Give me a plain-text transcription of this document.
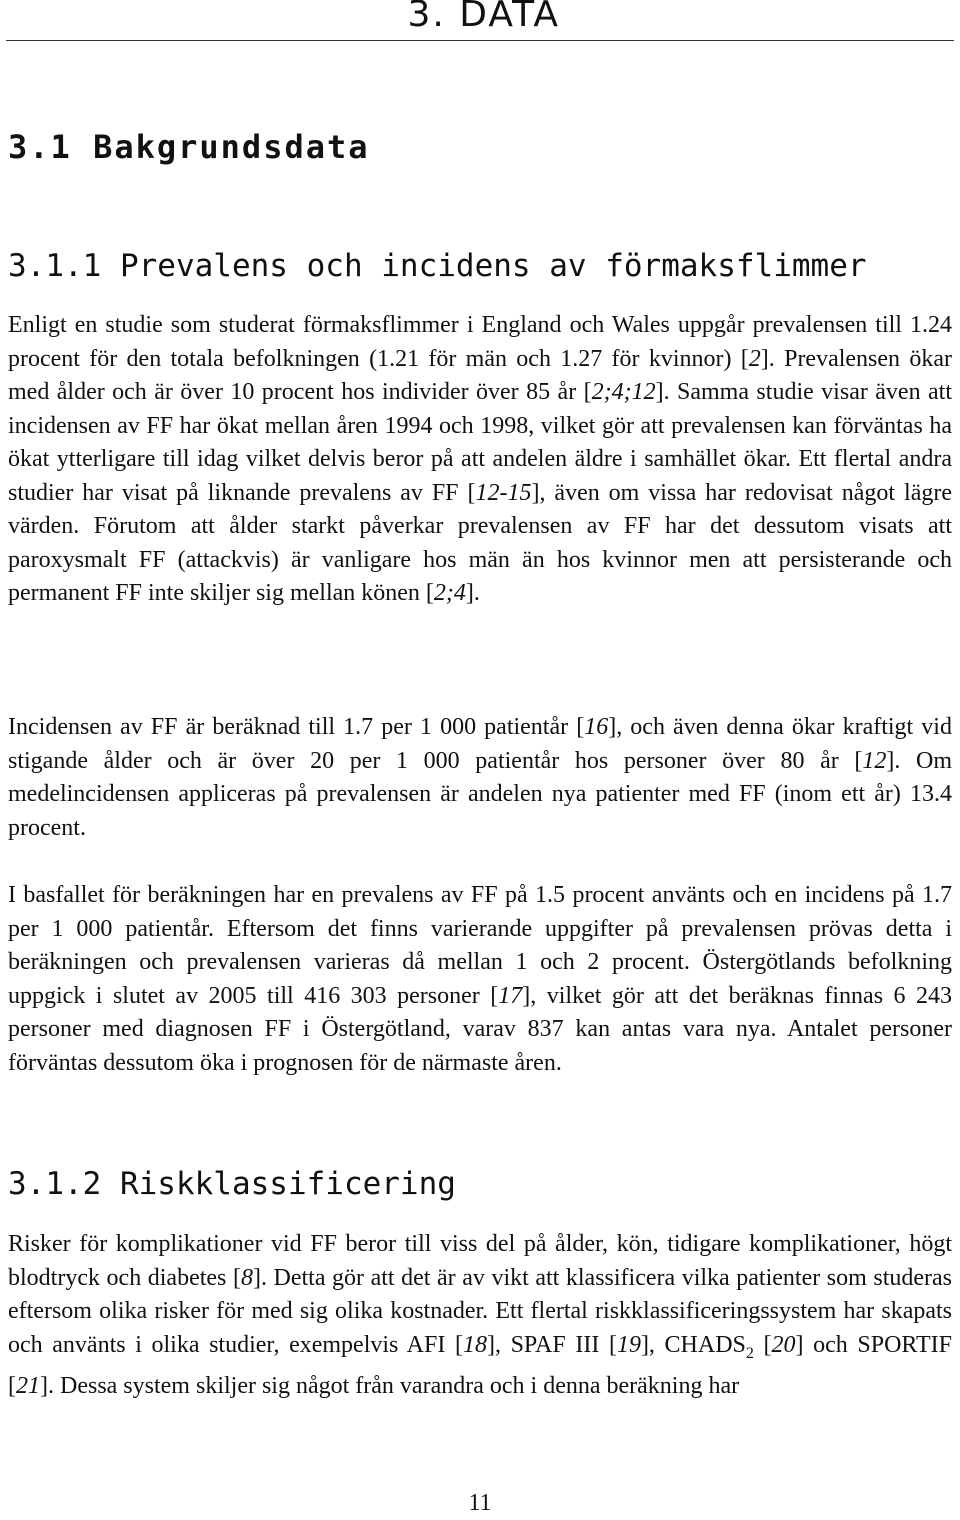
3. DATA
3.1 Bakgrundsdata
3.1.1 Prevalens och incidens av förmaksflimmer

Enligt en studie som studerat förmaksflimmer i England och Wales uppgår prevalensen till 1.24 procent för den totala befolkningen (1.21 för män och 1.27 för kvinnor) [2]. Prevalensen ökar med ålder och är över 10 procent hos individer över 85 år [2;4;12]. Samma studie visar även att incidensen av FF har ökat mellan åren 1994 och 1998, vilket gör att prevalensen kan förväntas ha ökat ytterligare till idag vilket delvis beror på att andelen äldre i samhället ökar. Ett flertal andra studier har visat på liknande prevalens av FF [12-15], även om vissa har redovisat något lägre värden. Förutom att ålder starkt påverkar prevalensen av FF har det dessutom visats att paroxysmalt FF (attackvis) är vanligare hos män än hos kvinnor men att persisterande och permanent FF inte skiljer sig mellan könen [2;4].

Incidensen av FF är beräknad till 1.7 per 1 000 patientår [16], och även denna ökar kraftigt vid stigande ålder och är över 20 per 1 000 patientår hos personer över 80 år [12]. Om medelincidensen appliceras på prevalensen är andelen nya patienter med FF (inom ett år) 13.4 procent.

I basfallet för beräkningen har en prevalens av FF på 1.5 procent använts och en incidens på 1.7 per 1 000 patientår. Eftersom det finns varierande uppgifter på prevalensen prövas detta i beräkningen och prevalensen varieras då mellan 1 och 2 procent. Östergötlands befolkning uppgick i slutet av 2005 till 416 303 personer [17], vilket gör att det beräknas finnas 6 243 personer med diagnosen FF i Östergötland, varav 837 kan antas vara nya. Antalet personer förväntas dessutom öka i prognosen för de närmaste åren.

3.1.2 Riskklassificering

Risker för komplikationer vid FF beror till viss del på ålder, kön, tidigare komplikationer, högt blodtryck och diabetes [8]. Detta gör att det är av vikt att klassificera vilka patienter som studeras eftersom olika risker för med sig olika kostnader. Ett flertal riskklassificeringssystem har skapats och använts i olika studier, exempelvis AFI [18], SPAF III [19], $CHADS_2$ [20] och SPORTIF [21]. Dessa system skiljer sig något från varandra och i denna beräkning har

11
